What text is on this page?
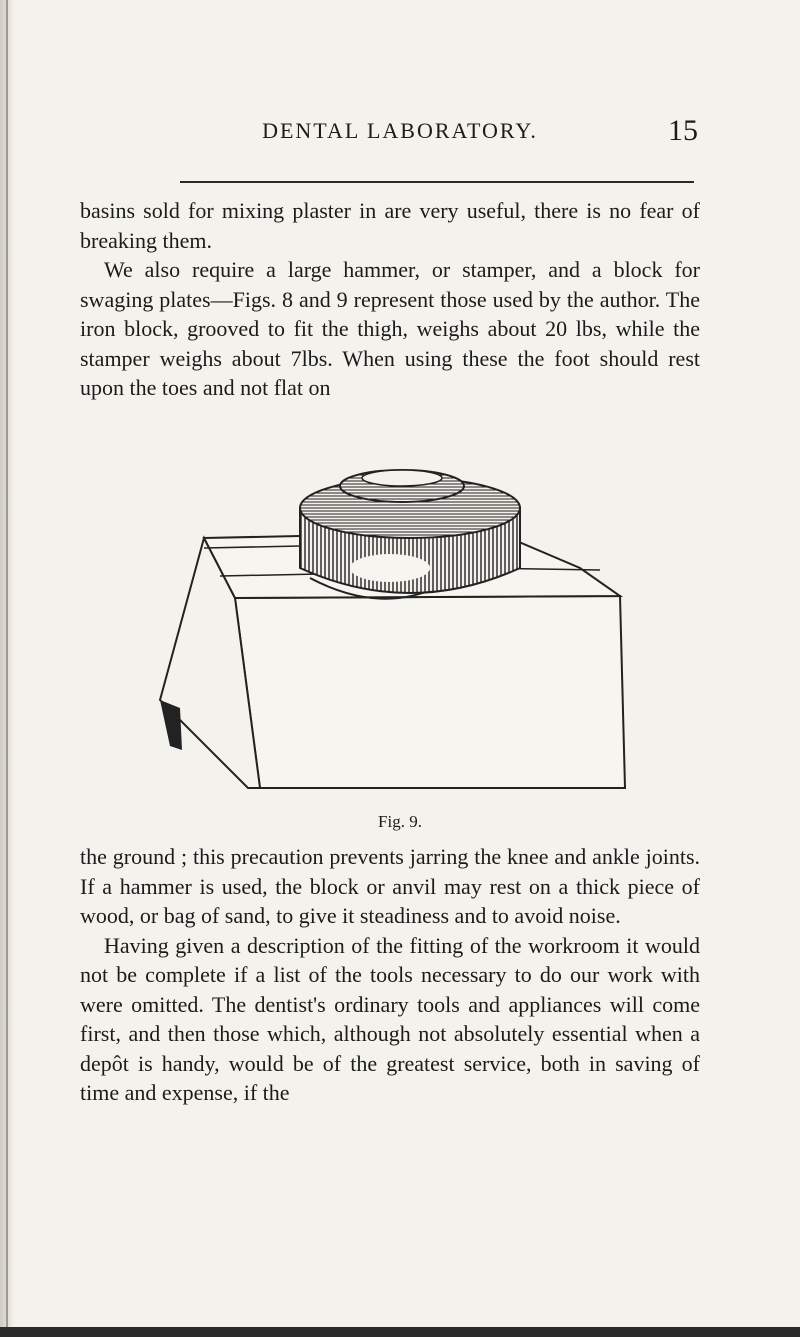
DENTAL LABORATORY.	15

basins sold for mixing plaster in are very useful, there is no fear of breaking them.

We also require a large hammer, or stamper, and a block for swaging plates—Figs. 8 and 9 represent those used by the author. The iron block, grooved to fit the thigh, weighs about 20 lbs, while the stamper weighs about 7lbs. When using these the foot should rest upon the toes and not flat on

Fig. 9.

the ground ; this precaution prevents jarring the knee and ankle joints. If a hammer is used, the block or anvil may rest on a thick piece of wood, or bag of sand, to give it steadiness and to avoid noise.

Having given a description of the fitting of the workroom it would not be complete if a list of the tools necessary to do our work with were omitted. The dentist's ordinary tools and appliances will come first, and then those which, although not absolutely essential when a depôt is handy, would be of the greatest service, both in saving of time and expense, if the
